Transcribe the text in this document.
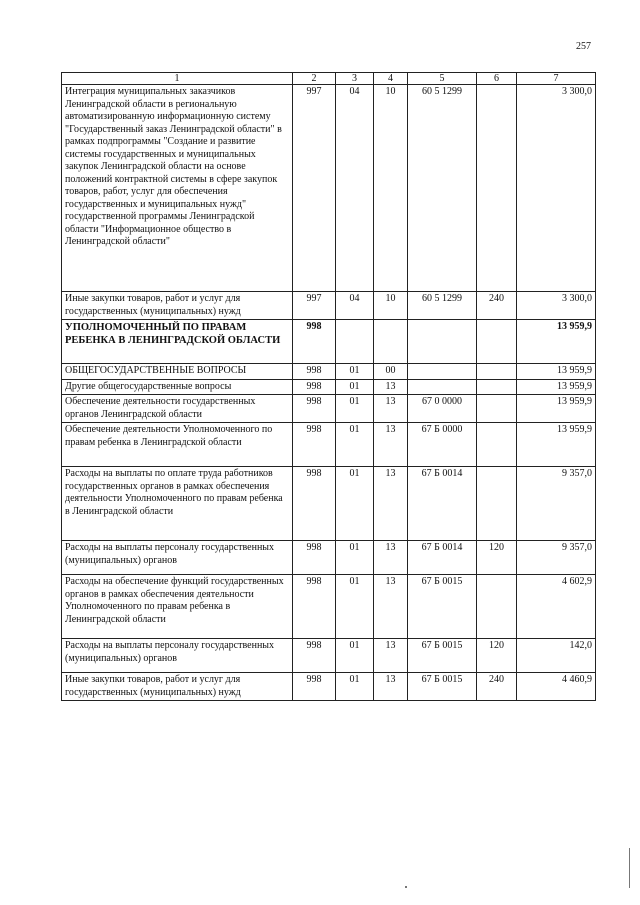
257
1	2	3	4	5	6	7
Интеграция муниципальных заказчиков Ленинградской области в региональную автоматизированную информационную систему "Государственный заказ Ленинградской области" в рамках подпрограммы "Создание и развитие системы государственных и муниципальных закупок Ленинградской области на основе положений контрактной системы в сфере закупок товаров, работ, услуг для обеспечения государственных и муниципальных нужд" государственной программы Ленинградской области "Информационное общество в Ленинградской области"	997	04	10	60 5 1299		3 300,0
Иные закупки товаров, работ и услуг для государственных (муниципальных) нужд	997	04	10	60 5 1299	240	3 300,0
УПОЛНОМОЧЕННЫЙ ПО ПРАВАМ РЕБЕНКА В ЛЕНИНГРАДСКОЙ ОБЛАСТИ	998					13 959,9
ОБЩЕГОСУДАРСТВЕННЫЕ ВОПРОСЫ	998	01	00			13 959,9
Другие общегосударственные вопросы	998	01	13			13 959,9
Обеспечение деятельности государственных органов Ленинградской области	998	01	13	67 0 0000		13 959,9
Обеспечение деятельности Уполномоченного по правам ребенка в Ленинградской области	998	01	13	67 Б 0000		13 959,9
Расходы на выплаты по оплате труда работников государственных органов в рамках обеспечения деятельности Уполномоченного по правам ребенка в Ленинградской области	998	01	13	67 Б 0014		9 357,0
Расходы на выплаты персоналу государственных (муниципальных) органов	998	01	13	67 Б 0014	120	9 357,0
Расходы на обеспечение функций государственных органов в рамках обеспечения деятельности Уполномоченного по правам ребенка в Ленинградской области	998	01	13	67 Б 0015		4 602,9
Расходы на выплаты персоналу государственных (муниципальных) органов	998	01	13	67 Б 0015	120	142,0
Иные закупки товаров, работ и услуг для государственных (муниципальных) нужд	998	01	13	67 Б 0015	240	4 460,9
